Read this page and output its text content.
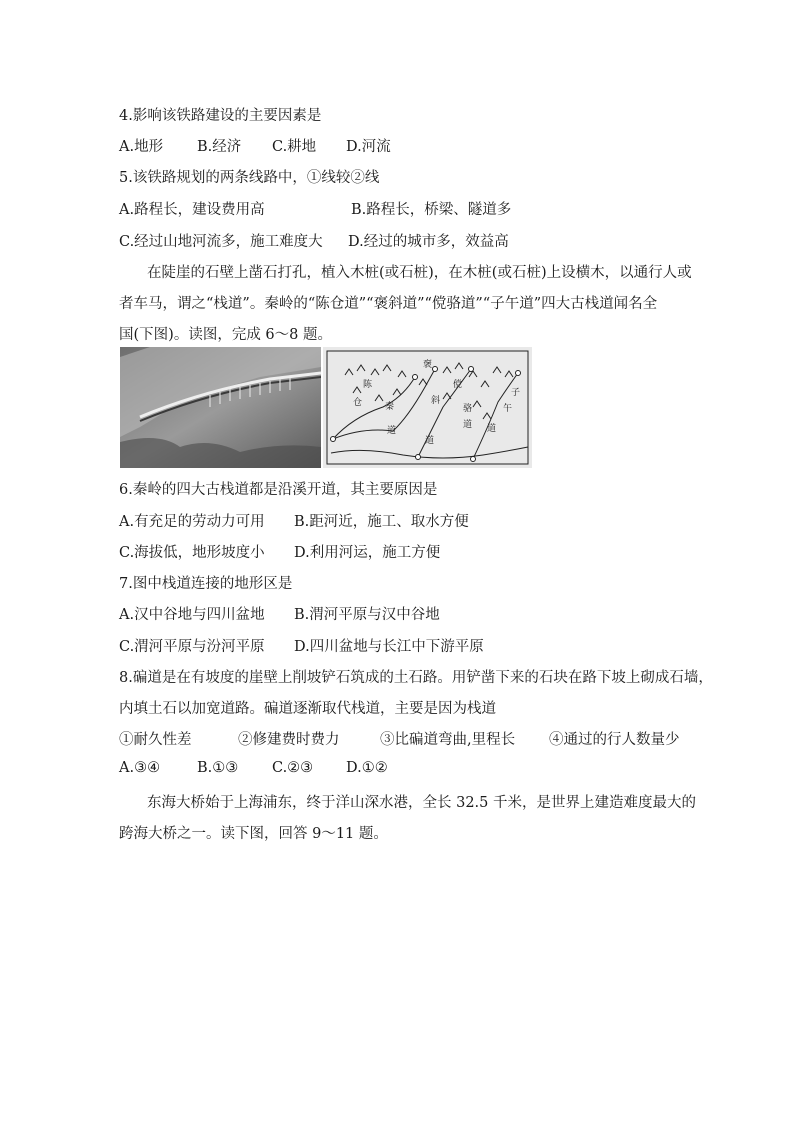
4.影响该铁路建设的主要因素是
A.地形 B.经济 C.耕地 D.河流
5.该铁路规划的两条线路中，①线较②线
A.路程长，建设费用高	B.路程长，桥梁、隧道多
C.经过山地河流多，施工难度大 D.经过的城市多，效益高
在陡崖的石壁上凿石打孔，植入木桩(或石桩)，在木桩(或石桩)上设横木，以通行人或
者车马，谓之“栈道”。秦岭的“陈仓道”“褒斜道”“傥骆道”“子午道”四大古栈道闻名全
国(下图)。读图，完成 6～8 题。
陈
仓	秦
褒
斜
傥
骆
道
子
午
道
道
道
6.秦岭的四大古栈道都是沿溪开道，其主要原因是
A.有充足的劳动力可用 B.距河近，施工、取水方便
C.海拔低，地形坡度小 D.利用河运，施工方便
7.图中栈道连接的地形区是
A.汉中谷地与四川盆地 B.渭河平原与汉中谷地
C.渭河平原与汾河平原 D.四川盆地与长江中下游平原
8.碥道是在有坡度的崖壁上削坡铲石筑成的土石路。用铲凿下来的石块在路下坡上砌成石墙，
内填土石以加宽道路。碥道逐渐取代栈道，主要是因为栈道
①耐久性差	②修建费时费力	③比碥道弯曲,里程长 ④通过的行人数量少
A.③④	B.①③ C.②③ D.①②
东海大桥始于上海浦东，终于洋山深水港，全长 32.5 千米，是世界上建造难度最大的
跨海大桥之一。读下图，回答 9～11 题。
